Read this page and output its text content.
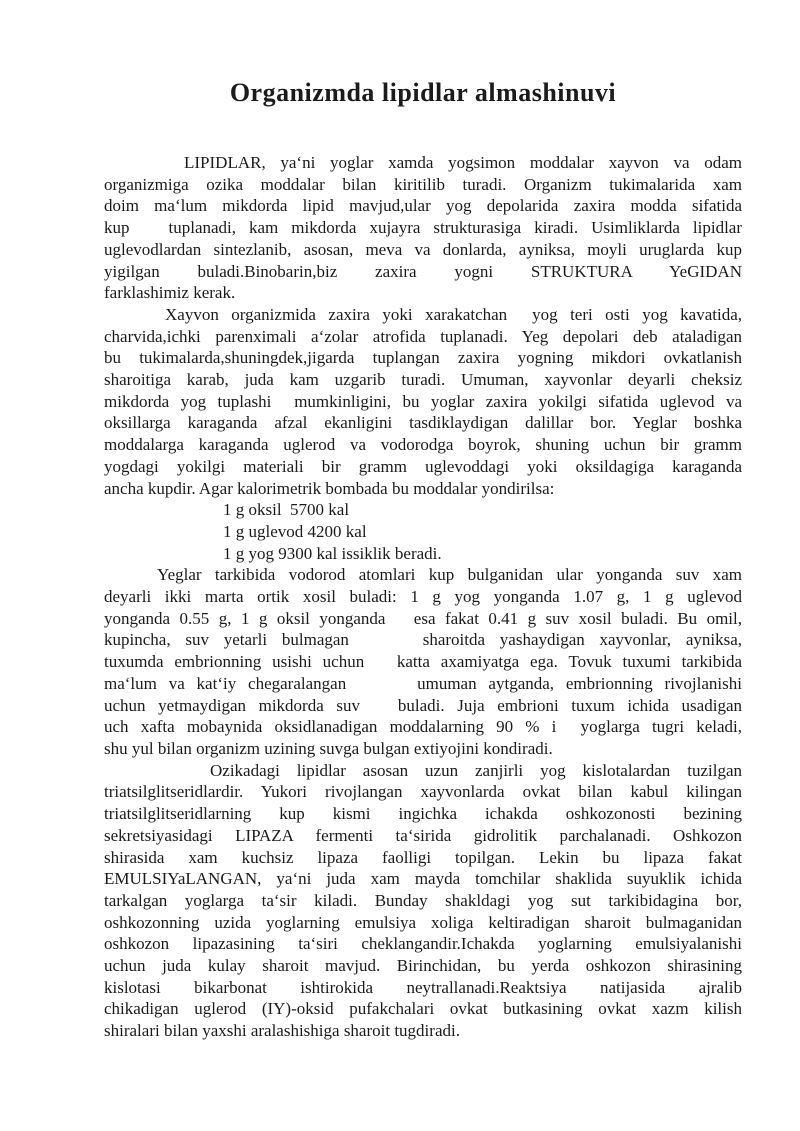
Organizmda lipidlar almashinuvi
LIPIDLAR, ya‘ni yoglar xamda yogsimon moddalar xayvon va odam
organizmiga ozika moddalar bilan kiritilib turadi. Organizm tukimalarida xam
doim ma‘lum mikdorda lipid mavjud,ular yog depolarida zaxira modda sifatida
kup   tuplanadi, kam mikdorda xujayra strukturasiga kiradi. Usimliklarda lipidlar
uglevodlardan sintezlanib, asosan, meva va donlarda, ayniksa, moyli uruglarda kup
yigilgan buladi.Binobarin,biz zaxira yogni STRUKTURA YeGIDAN
farklashimiz kerak.
Xayvon organizmida zaxira yoki xarakatchan  yog teri osti yog kavatida,
charvida,ichki parenximali a‘zolar atrofida tuplanadi. Yeg depolari deb ataladigan
bu tukimalarda,shuningdek,jigarda tuplangan zaxira yogning mikdori ovkatlanish
sharoitiga karab, juda kam uzgarib turadi. Umuman, xayvonlar deyarli cheksiz
mikdorda yog tuplashi  mumkinligini, bu yoglar zaxira yokilgi sifatida uglevod va
oksillarga karaganda afzal ekanligini tasdiklaydigan dalillar bor. Yeglar boshka
moddalarga karaganda uglerod va vodorodga boyrok, shuning uchun bir gramm
yogdagi yokilgi materiali bir gramm uglevoddagi yoki oksildagiga karaganda
ancha kupdir. Agar kalorimetrik bombada bu moddalar yondirilsa:
1 g oksil  5700 kal
1 g uglevod 4200 kal
1 g yog 9300 kal issiklik beradi.
Yeglar tarkibida vodorod atomlari kup bulganidan ular yonganda suv xam
deyarli ikki marta ortik xosil buladi: 1 g yog yonganda 1.07 g, 1 g uglevod
yonganda 0.55 g, 1 g oksil yonganda   esa fakat 0.41 g suv xosil buladi. Bu omil,
kupincha, suv yetarli bulmagan     sharoitda yashaydigan xayvonlar, ayniksa,
tuxumda embrionning usishi uchun   katta axamiyatga ega. Tovuk tuxumi tarkibida
ma‘lum va kat‘iy chegaralangan      umuman aytganda, embrionning rivojlanishi
uchun yetmaydigan mikdorda suv   buladi. Juja embrioni tuxum ichida usadigan
uch xafta mobaynida oksidlanadigan moddalarning 90 % i  yoglarga tugri keladi,
shu yul bilan organizm uzining suvga bulgan extiyojini kondiradi.
Ozikadagi lipidlar asosan uzun zanjirli yog kislotalardan tuzilgan
triatsilglitseridlardir. Yukori rivojlangan xayvonlarda ovkat bilan kabul kilingan
triatsilglitseridlarning kup kismi ingichka ichakda oshkozonosti bezining
sekretsiyasidagi LIPAZA fermenti ta‘sirida gidrolitik parchalanadi. Oshkozon
shirasida xam kuchsiz lipaza faolligi topilgan. Lekin bu lipaza fakat
EMULSIYaLANGAN, ya‘ni juda xam mayda tomchilar shaklida suyuklik ichida
tarkalgan yoglarga ta‘sir kiladi. Bunday shakldagi yog sut tarkibidagina bor,
oshkozonning uzida yoglarning emulsiya xoliga keltiradigan sharoit bulmaganidan
oshkozon lipazasining ta‘siri cheklangandir.Ichakda yoglarning emulsiyalanishi
uchun juda kulay sharoit mavjud. Birinchidan, bu yerda oshkozon shirasining
kislotasi bikarbonat ishtirokida neytrallanadi.Reaktsiya natijasida ajralib
chikadigan uglerod (IY)-oksid pufakchalari ovkat butkasining ovkat xazm kilish
shiralari bilan yaxshi aralashishiga sharoit tugdiradi.
